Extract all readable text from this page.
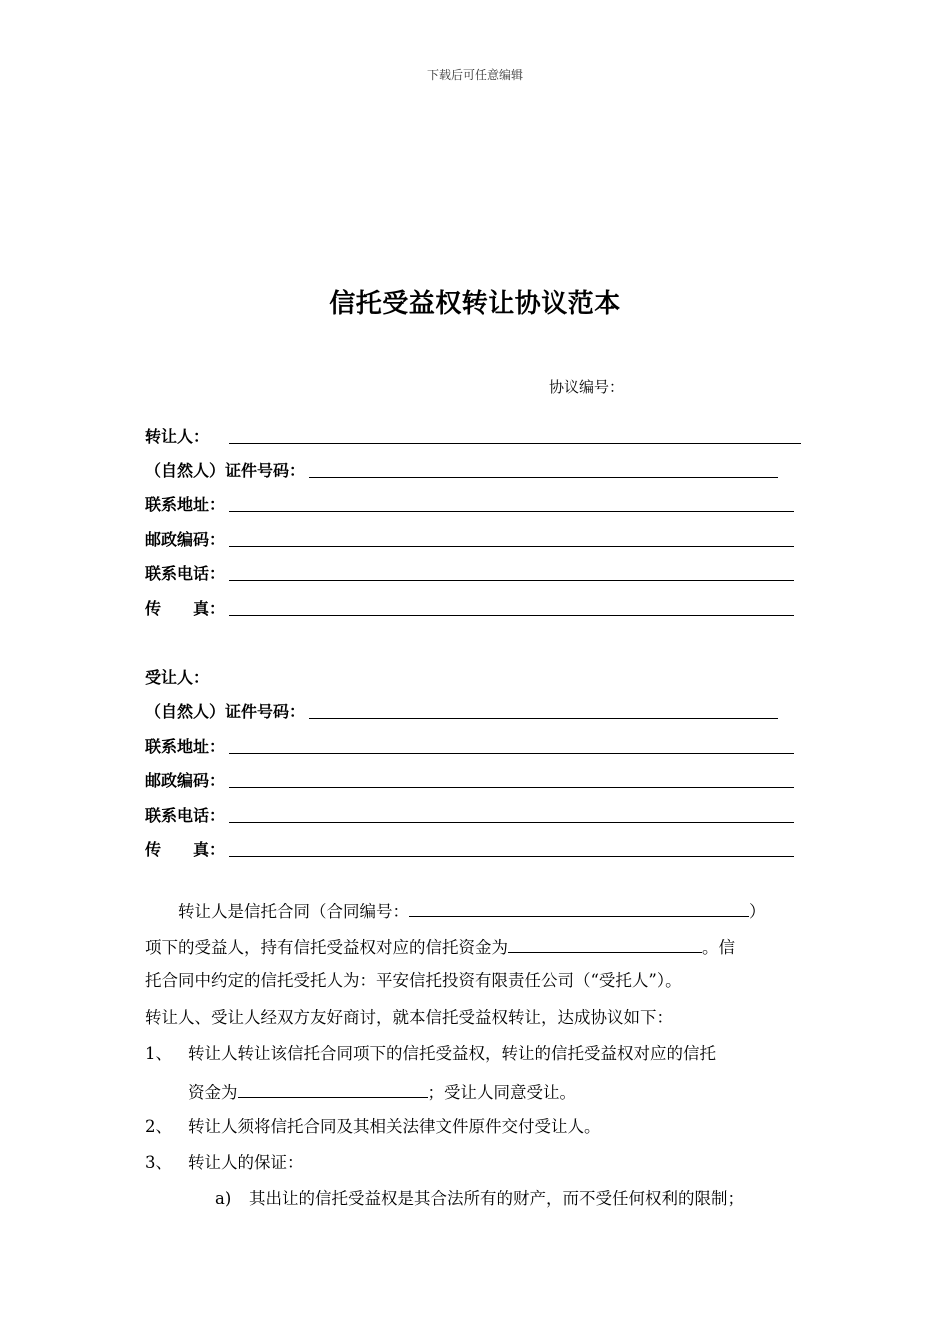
下载后可任意编辑
信托受益权转让协议范本
协议编号：
转让人：
（自然人）证件号码：
联系地址：
邮政编码：
联系电话：
传　　真：
受让人：
（自然人）证件号码：
联系地址：
邮政编码：
联系电话：
传　　真：
转让人是信托合同（合同编号：	）
项下的受益人，持有信托受益权对应的信托资金为	。信
托合同中约定的信托受托人为：平安信托投资有限责任公司（“受托人”）。
转让人、受让人经双方友好商讨，就本信托受益权转让，达成协议如下：
1、 转让人转让该信托合同项下的信托受益权，转让的信托受益权对应的信托
资金为	；受让人同意受让。
2、 转让人须将信托合同及其相关法律文件原件交付受让人。
3、 转让人的保证：
a) 其出让的信托受益权是其合法所有的财产，而不受任何权利的限制；
